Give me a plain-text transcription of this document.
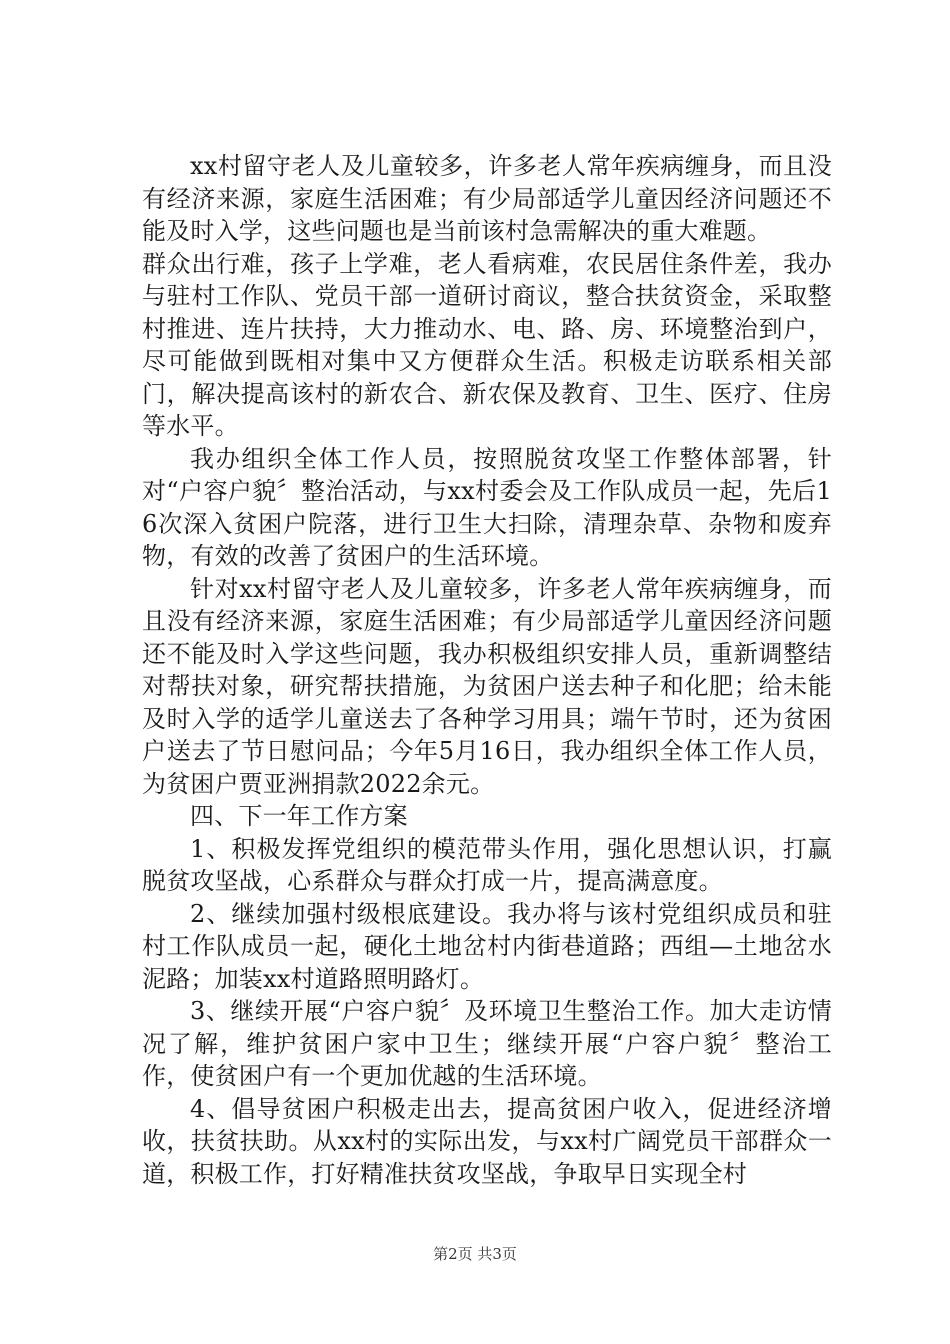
xx村留守老人及儿童较多，许多老人常年疾病缠身，而且没有经济来源，家庭生活困难；有少局部适学儿童因经济问题还不能及时入学，这些问题也是当前该村急需解决的重大难题。

群众出行难，孩子上学难，老人看病难，农民居住条件差，我办与驻村工作队、党员干部一道研讨商议，整合扶贫资金，采取整村推进、连片扶持，大力推动水、电、路、房、环境整治到户，尽可能做到既相对集中又方便群众生活。积极走访联系相关部门，解决提高该村的新农合、新农保及教育、卫生、医疗、住房等水平。

我办组织全体工作人员，按照脱贫攻坚工作整体部署，针对“户容户貌〞整治活动，与xx村委会及工作队成员一起，先后16次深入贫困户院落，进行卫生大扫除，清理杂草、杂物和废弃物，有效的改善了贫困户的生活环境。

针对xx村留守老人及儿童较多，许多老人常年疾病缠身，而且没有经济来源，家庭生活困难；有少局部适学儿童因经济问题还不能及时入学这些问题，我办积极组织安排人员，重新调整结对帮扶对象，研究帮扶措施，为贫困户送去种子和化肥；给未能及时入学的适学儿童送去了各种学习用具；端午节时，还为贫困户送去了节日慰问品；今年5月16日，我办组织全体工作人员，为贫困户贾亚洲捐款2022余元。

四、下一年工作方案

1、积极发挥党组织的模范带头作用，强化思想认识，打赢脱贫攻坚战，心系群众与群众打成一片，提高满意度。

2、继续加强村级根底建设。我办将与该村党组织成员和驻村工作队成员一起，硬化土地岔村内街巷道路；西组—土地岔水泥路；加装xx村道路照明路灯。

3、继续开展“户容户貌〞及环境卫生整治工作。加大走访情况了解，维护贫困户家中卫生；继续开展“户容户貌〞整治工作，使贫困户有一个更加优越的生活环境。

4、倡导贫困户积极走出去，提高贫困户收入，促进经济增收，扶贫扶助。从xx村的实际出发，与xx村广阔党员干部群众一道，积极工作，打好精准扶贫攻坚战，争取早日实现全村

第2页 共3页
